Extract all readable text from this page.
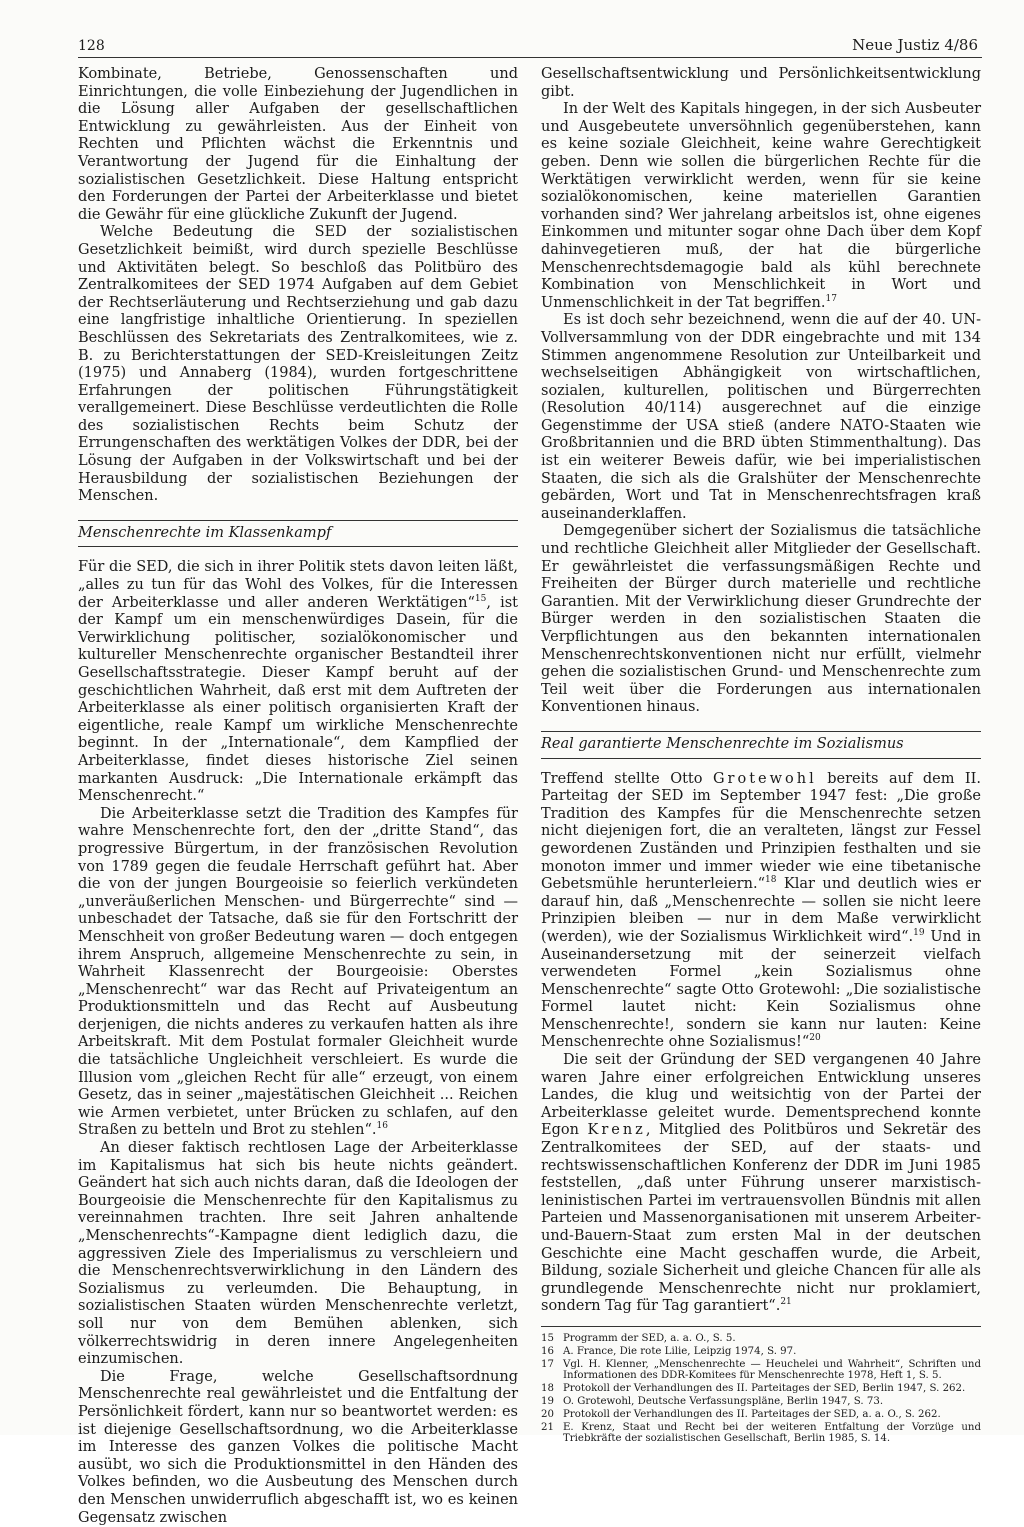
128	Neue Justiz 4/86

Kombinate, Betriebe, Genossenschaften und Einrichtungen, die volle Einbeziehung der Jugendlichen in die Lösung aller Aufgaben der gesellschaftlichen Entwicklung zu gewährleisten. Aus der Einheit von Rechten und Pflichten wächst die Erkenntnis und Verantwortung der Jugend für die Einhaltung der sozialistischen Gesetzlichkeit. Diese Haltung entspricht den Forderungen der Partei der Arbeiterklasse und bietet die Gewähr für eine glückliche Zukunft der Jugend.

Welche Bedeutung die SED der sozialistischen Gesetzlichkeit beimißt, wird durch spezielle Beschlüsse und Aktivitäten belegt. So beschloß das Politbüro des Zentralkomitees der SED 1974 Aufgaben auf dem Gebiet der Rechtserläuterung und Rechtserziehung und gab dazu eine langfristige inhaltliche Orientierung. In speziellen Beschlüssen des Sekretariats des Zentralkomitees, wie z. B. zu Berichterstattungen der SED-Kreisleitungen Zeitz (1975) und Annaberg (1984), wurden fortgeschrittene Erfahrungen der politischen Führungstätigkeit verallgemeinert. Diese Beschlüsse verdeutlichten die Rolle des sozialistischen Rechts beim Schutz der Errungenschaften des werktätigen Volkes der DDR, bei der Lösung der Aufgaben in der Volkswirtschaft und bei der Herausbildung der sozialistischen Beziehungen der Menschen.

Menschenrechte im Klassenkampf

Für die SED, die sich in ihrer Politik stets davon leiten läßt, „alles zu tun für das Wohl des Volkes, für die Interessen der Arbeiterklasse und aller anderen Werktätigen“$^{15}$, ist der Kampf um ein menschenwürdiges Dasein, für die Verwirklichung politischer, sozialökonomischer und kultureller Menschenrechte organischer Bestandteil ihrer Gesellschaftsstrategie. Dieser Kampf beruht auf der geschichtlichen Wahrheit, daß erst mit dem Auftreten der Arbeiterklasse als einer politisch organisierten Kraft der eigentliche, reale Kampf um wirkliche Menschenrechte beginnt. In der „Internationale“, dem Kampflied der Arbeiterklasse, findet dieses historische Ziel seinen markanten Ausdruck: „Die Internationale erkämpft das Menschenrecht.“

Die Arbeiterklasse setzt die Tradition des Kampfes für wahre Menschenrechte fort, den der „dritte Stand“, das progressive Bürgertum, in der französischen Revolution von 1789 gegen die feudale Herrschaft geführt hat. Aber die von der jungen Bourgeoisie so feierlich verkündeten „unveräußerlichen Menschen- und Bürgerrechte“ sind — unbeschadet der Tatsache, daß sie für den Fortschritt der Menschheit von großer Bedeutung waren — doch entgegen ihrem Anspruch, allgemeine Menschenrechte zu sein, in Wahrheit Klassenrecht der Bourgeoisie: Oberstes „Menschenrecht“ war das Recht auf Privateigentum an Produktionsmitteln und das Recht auf Ausbeutung derjenigen, die nichts anderes zu verkaufen hatten als ihre Arbeitskraft. Mit dem Postulat formaler Gleichheit wurde die tatsächliche Ungleichheit verschleiert. Es wurde die Illusion vom „gleichen Recht für alle“ erzeugt, von einem Gesetz, das in seiner „majestätischen Gleichheit ... Reichen wie Armen verbietet, unter Brücken zu schlafen, auf den Straßen zu betteln und Brot zu stehlen“.$^{16}$

An dieser faktisch rechtlosen Lage der Arbeiterklasse im Kapitalismus hat sich bis heute nichts geändert. Geändert hat sich auch nichts daran, daß die Ideologen der Bourgeoisie die Menschenrechte für den Kapitalismus zu vereinnahmen trachten. Ihre seit Jahren anhaltende „Menschenrechts“-Kampagne dient lediglich dazu, die aggressiven Ziele des Imperialismus zu verschleiern und die Menschenrechtsverwirklichung in den Ländern des Sozialismus zu verleumden. Die Behauptung, in sozialistischen Staaten würden Menschenrechte verletzt, soll nur von dem Bemühen ablenken, sich völkerrechtswidrig in deren innere Angelegenheiten einzumischen.

Die Frage, welche Gesellschaftsordnung Menschenrechte real gewährleistet und die Entfaltung der Persönlichkeit fördert, kann nur so beantwortet werden: es ist diejenige Gesellschaftsordnung, wo die Arbeiterklasse im Interesse des ganzen Volkes die politische Macht ausübt, wo sich die Produktionsmittel in den Händen des Volkes befinden, wo die Ausbeutung des Menschen durch den Menschen unwiderruflich abgeschafft ist, wo es keinen Gegensatz zwischen

Gesellschaftsentwicklung und Persönlichkeitsentwicklung gibt.

In der Welt des Kapitals hingegen, in der sich Ausbeuter und Ausgebeutete unversöhnlich gegenüberstehen, kann es keine soziale Gleichheit, keine wahre Gerechtigkeit geben. Denn wie sollen die bürgerlichen Rechte für die Werktätigen verwirklicht werden, wenn für sie keine sozialökonomischen, keine materiellen Garantien vorhanden sind? Wer jahrelang arbeitslos ist, ohne eigenes Einkommen und mitunter sogar ohne Dach über dem Kopf dahinvegetieren muß, der hat die bürgerliche Menschenrechtsdemagogie bald als kühl berechnete Kombination von Menschlichkeit in Wort und Unmenschlichkeit in der Tat begriffen.$^{17}$

Es ist doch sehr bezeichnend, wenn die auf der 40. UN-Vollversammlung von der DDR eingebrachte und mit 134 Stimmen angenommene Resolution zur Unteilbarkeit und wechselseitigen Abhängigkeit von wirtschaftlichen, sozialen, kulturellen, politischen und Bürgerrechten (Resolution 40/114) ausgerechnet auf die einzige Gegenstimme der USA stieß (andere NATO-Staaten wie Großbritannien und die BRD übten Stimmenthaltung). Das ist ein weiterer Beweis dafür, wie bei imperialistischen Staaten, die sich als die Gralshüter der Menschenrechte gebärden, Wort und Tat in Menschenrechtsfragen kraß auseinanderklaffen.

Demgegenüber sichert der Sozialismus die tatsächliche und rechtliche Gleichheit aller Mitglieder der Gesellschaft. Er gewährleistet die verfassungsmäßigen Rechte und Freiheiten der Bürger durch materielle und rechtliche Garantien. Mit der Verwirklichung dieser Grundrechte der Bürger werden in den sozialistischen Staaten die Verpflichtungen aus den bekannten internationalen Menschenrechtskonventionen nicht nur erfüllt, vielmehr gehen die sozialistischen Grund- und Menschenrechte zum Teil weit über die Forderungen aus internationalen Konventionen hinaus.

Real garantierte Menschenrechte im Sozialismus

Treffend stellte Otto Grotewohl bereits auf dem II. Parteitag der SED im September 1947 fest: „Die große Tradition des Kampfes für die Menschenrechte setzen nicht diejenigen fort, die an veralteten, längst zur Fessel gewordenen Zuständen und Prinzipien festhalten und sie monoton immer und immer wieder wie eine tibetanische Gebetsmühle herunterleiern.“$^{18}$ Klar und deutlich wies er darauf hin, daß „Menschenrechte — sollen sie nicht leere Prinzipien bleiben — nur in dem Maße verwirklicht (werden), wie der Sozialismus Wirklichkeit wird“.$^{19}$ Und in Auseinandersetzung mit der seinerzeit vielfach verwendeten Formel „kein Sozialismus ohne Menschenrechte“ sagte Otto Grotewohl: „Die sozialistische Formel lautet nicht: Kein Sozialismus ohne Menschenrechte!, sondern sie kann nur lauten: Keine Menschenrechte ohne Sozialismus!“$^{20}$

Die seit der Gründung der SED vergangenen 40 Jahre waren Jahre einer erfolgreichen Entwicklung unseres Landes, die klug und weitsichtig von der Partei der Arbeiterklasse geleitet wurde. Dementsprechend konnte Egon Krenz, Mitglied des Politbüros und Sekretär des Zentralkomitees der SED, auf der staats- und rechtswissenschaftlichen Konferenz der DDR im Juni 1985 feststellen, „daß unter Führung unserer marxistisch-leninistischen Partei im vertrauensvollen Bündnis mit allen Parteien und Massenorganisationen mit unserem Arbeiter-und-Bauern-Staat zum ersten Mal in der deutschen Geschichte eine Macht geschaffen wurde, die Arbeit, Bildung, soziale Sicherheit und gleiche Chancen für alle als grundlegende Menschenrechte nicht nur proklamiert, sondern Tag für Tag garantiert“.$^{21}$

15 Programm der SED, a. a. O., S. 5.
16 A. France, Die rote Lilie, Leipzig 1974, S. 97.
17 Vgl. H. Klenner, „Menschenrechte — Heuchelei und Wahrheit“, Schriften und Informationen des DDR-Komitees für Menschenrechte 1978, Heft 1, S. 5.
18 Protokoll der Verhandlungen des II. Parteitages der SED, Berlin 1947, S. 262.
19 O. Grotewohl, Deutsche Verfassungspläne, Berlin 1947, S. 73.
20 Protokoll der Verhandlungen des II. Parteitages der SED, a. a. O., S. 262.
21 E. Krenz, Staat und Recht bei der weiteren Entfaltung der Vorzüge und Triebkräfte der sozialistischen Gesellschaft, Berlin 1985, S. 14.
